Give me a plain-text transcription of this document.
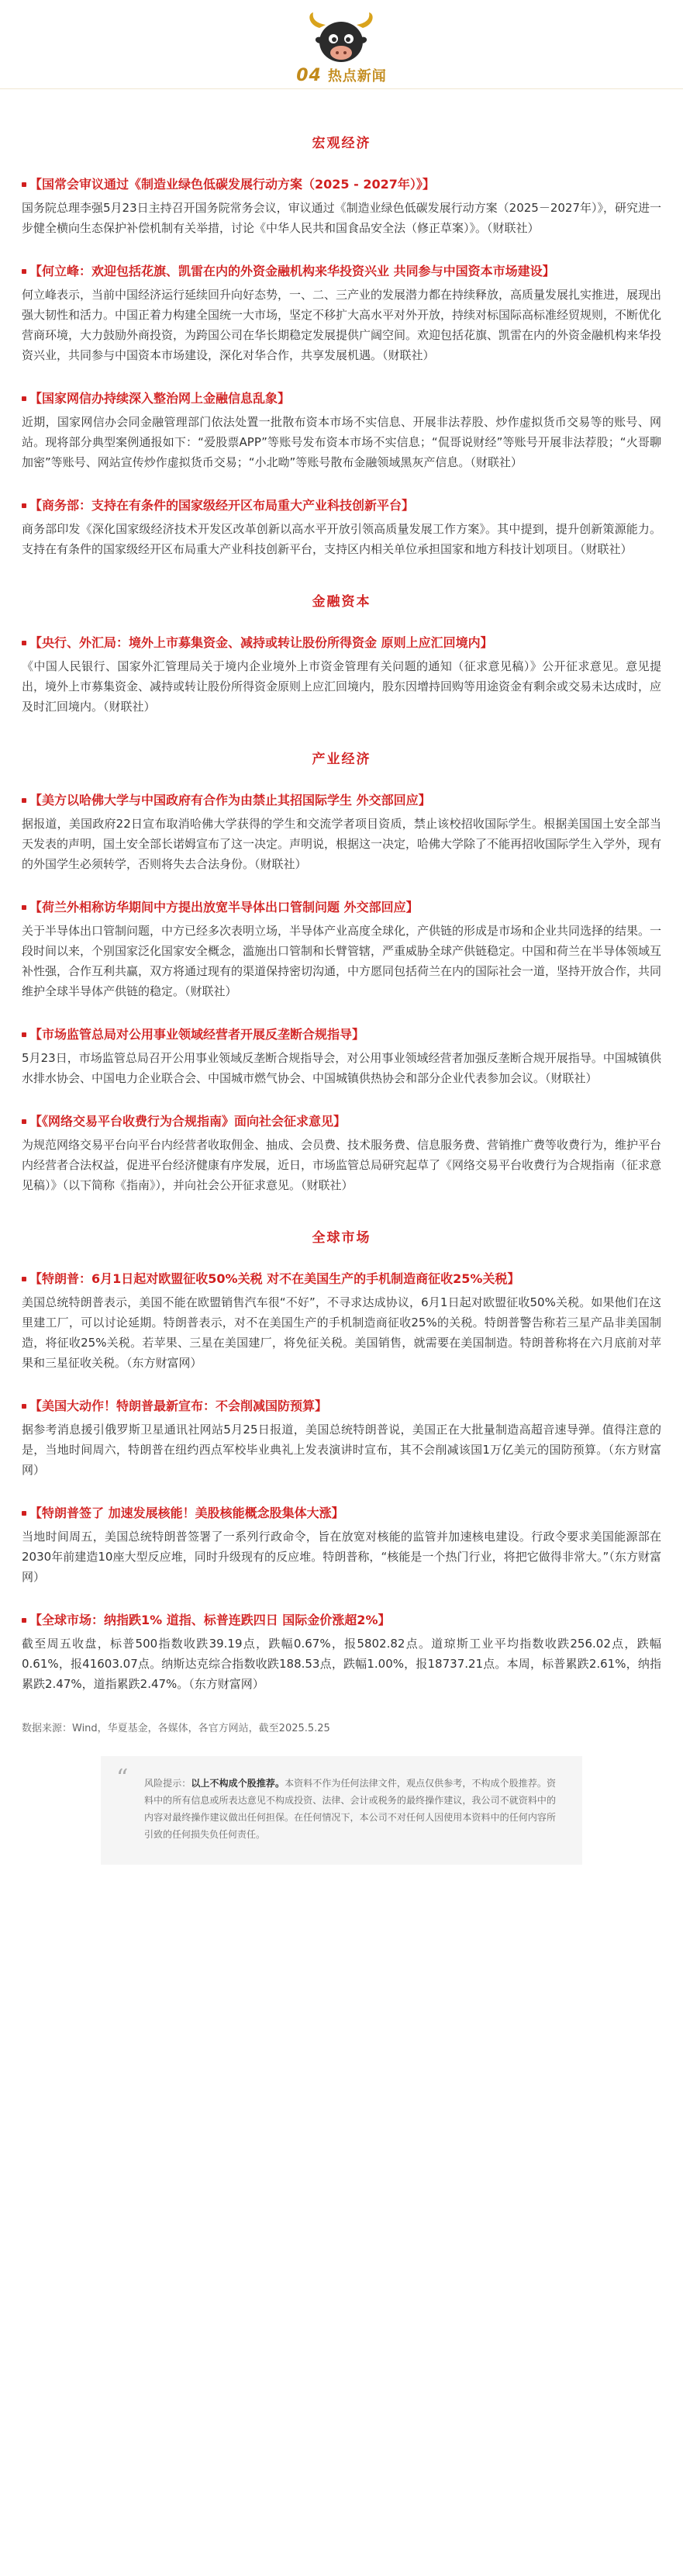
04 热点新闻
宏观经济

【国常会审议通过《制造业绿色低碳发展行动方案（2025 - 2027年）》】

国务院总理李强5月23日主持召开国务院常务会议，审议通过《制造业绿色低碳发展行动方案（2025－2027年）》，研究进一步健全横向生态保护补偿机制有关举措，讨论《中华人民共和国食品安全法（修正草案）》。（财联社）

【何立峰：欢迎包括花旗、凯雷在内的外资金融机构来华投资兴业 共同参与中国资本市场建设】

何立峰表示，当前中国经济运行延续回升向好态势，一、二、三产业的发展潜力都在持续释放，高质量发展扎实推进，展现出强大韧性和活力。中国正着力构建全国统一大市场，坚定不移扩大高水平对外开放，持续对标国际高标准经贸规则，不断优化营商环境，大力鼓励外商投资，为跨国公司在华长期稳定发展提供广阔空间。欢迎包括花旗、凯雷在内的外资金融机构来华投资兴业，共同参与中国资本市场建设，深化对华合作，共享发展机遇。（财联社）

【国家网信办持续深入整治网上金融信息乱象】

近期，国家网信办会同金融管理部门依法处置一批散布资本市场不实信息、开展非法荐股、炒作虚拟货币交易等的账号、网站。现将部分典型案例通报如下：“爱股票APP”等账号发布资本市场不实信息；“侃哥说财经”等账号开展非法荐股；“火哥聊加密”等账号、网站宣传炒作虚拟货币交易；“小北呦”等账号散布金融领域黑灰产信息。（财联社）

【商务部：支持在有条件的国家级经开区布局重大产业科技创新平台】

商务部印发《深化国家级经济技术开发区改革创新以高水平开放引领高质量发展工作方案》。其中提到，提升创新策源能力。支持在有条件的国家级经开区布局重大产业科技创新平台，支持区内相关单位承担国家和地方科技计划项目。（财联社）

金融资本

【央行、外汇局：境外上市募集资金、减持或转让股份所得资金 原则上应汇回境内】

《中国人民银行、国家外汇管理局关于境内企业境外上市资金管理有关问题的通知（征求意见稿）》公开征求意见。意见提出，境外上市募集资金、减持或转让股份所得资金原则上应汇回境内，股东因增持回购等用途资金有剩余或交易未达成时，应及时汇回境内。（财联社）

产业经济

【美方以哈佛大学与中国政府有合作为由禁止其招国际学生 外交部回应】

据报道，美国政府22日宣布取消哈佛大学获得的学生和交流学者项目资质，禁止该校招收国际学生。根据美国国土安全部当天发表的声明，国土安全部长诺姆宣布了这一决定。声明说，根据这一决定，哈佛大学除了不能再招收国际学生入学外，现有的外国学生必须转学，否则将失去合法身份。（财联社）

【荷兰外相称访华期间中方提出放宽半导体出口管制问题 外交部回应】

关于半导体出口管制问题，中方已经多次表明立场，半导体产业高度全球化，产供链的形成是市场和企业共同选择的结果。一段时间以来，个别国家泛化国家安全概念，滥施出口管制和长臂管辖，严重威胁全球产供链稳定。中国和荷兰在半导体领域互补性强，合作互利共赢，双方将通过现有的渠道保持密切沟通，中方愿同包括荷兰在内的国际社会一道，坚持开放合作，共同维护全球半导体产供链的稳定。（财联社）

【市场监管总局对公用事业领域经营者开展反垄断合规指导】

5月23日，市场监管总局召开公用事业领域反垄断合规指导会，对公用事业领域经营者加强反垄断合规开展指导。中国城镇供水排水协会、中国电力企业联合会、中国城市燃气协会、中国城镇供热协会和部分企业代表参加会议。（财联社）

【《网络交易平台收费行为合规指南》面向社会征求意见】

为规范网络交易平台向平台内经营者收取佣金、抽成、会员费、技术服务费、信息服务费、营销推广费等收费行为，维护平台内经营者合法权益，促进平台经济健康有序发展，近日，市场监管总局研究起草了《网络交易平台收费行为合规指南（征求意见稿）》（以下简称《指南》），并向社会公开征求意见。（财联社）

全球市场

【特朗普：6月1日起对欧盟征收50%关税 对不在美国生产的手机制造商征收25%关税】

美国总统特朗普表示，美国不能在欧盟销售汽车很“不好”，不寻求达成协议，6月1日起对欧盟征收50%关税。如果他们在这里建工厂，可以讨论延期。特朗普表示，对不在美国生产的手机制造商征收25%的关税。特朗普警告称若三星产品非美国制造，将征收25%关税。若苹果、三星在美国建厂，将免征关税。美国销售，就需要在美国制造。特朗普称将在六月底前对苹果和三星征收关税。（东方财富网）

【美国大动作！特朗普最新宣布：不会削减国防预算】

据参考消息援引俄罗斯卫星通讯社网站5月25日报道，美国总统特朗普说，美国正在大批量制造高超音速导弹。值得注意的是，当地时间周六，特朗普在纽约西点军校毕业典礼上发表演讲时宣布，其不会削减该国1万亿美元的国防预算。（东方财富网）

【特朗普签了 加速发展核能！美股核能概念股集体大涨】

当地时间周五，美国总统特朗普签署了一系列行政命令，旨在放宽对核能的监管并加速核电建设。行政令要求美国能源部在2030年前建造10座大型反应堆，同时升级现有的反应堆。特朗普称，“核能是一个热门行业，将把它做得非常大。”（东方财富网）

【全球市场：纳指跌1% 道指、标普连跌四日 国际金价涨超2%】

截至周五收盘，标普500指数收跌39.19点，跌幅0.67%，报5802.82点。道琼斯工业平均指数收跌256.02点，跌幅0.61%，报41603.07点。纳斯达克综合指数收跌188.53点，跌幅1.00%，报18737.21点。本周，标普累跌2.61%，纳指累跌2.47%，道指累跌2.47%。（东方财富网）

数据来源：Wind，华夏基金，各媒体，各官方网站，截至2025.5.25

“ 风险提示：以上不构成个股推荐。本资料不作为任何法律文件，观点仅供参考，不构成个股推荐。资料中的所有信息或所表达意见不构成投资、法律、会计或税务的最终操作建议，我公司不就资料中的内容对最终操作建议做出任何担保。在任何情况下，本公司不对任何人因使用本资料中的任何内容所引致的任何损失负任何责任。
